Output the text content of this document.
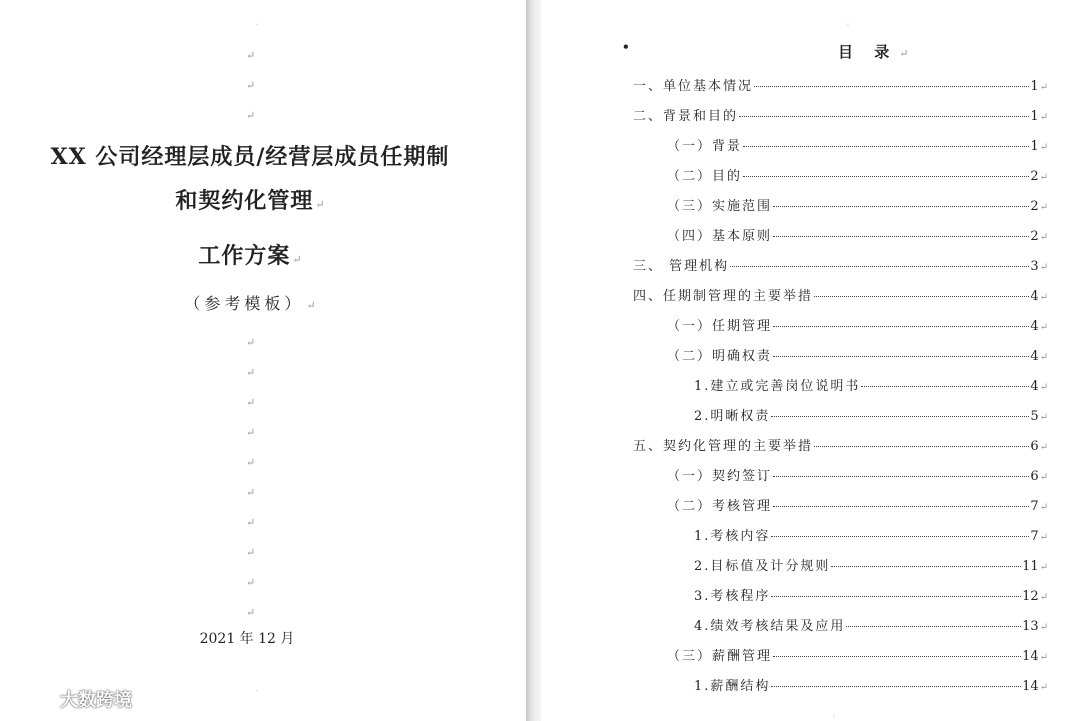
'
↵
↵
↵
XX 公司经理层成员/经营层成员任期制
和契约化管理 ↵
工作方案 ↵
（参考模板） ↵
↵
↵
↵
↵
↵
↵
↵
↵
↵
↵
2021 年 12 月
'
'
•	目 录 ↵
一、单位基本情况	1 ↵
二、背景和目的	1 ↵
（一）背景	1 ↵
（二）目的	2 ↵
（三）实施范围	2 ↵
（四）基本原则	2 ↵
三、 管理机构	3 ↵
四、任期制管理的主要举措	4 ↵
（一）任期管理	4 ↵
（二）明确权责	4 ↵
1.建立或完善岗位说明书	4 ↵
2.明晰权责	5 ↵
五、契约化管理的主要举措	6 ↵
（一）契约签订	6 ↵
（二）考核管理	7 ↵
1.考核内容	7 ↵
2.目标值及计分规则	11 ↵
3.考核程序	12 ↵
4.绩效考核结果及应用	13 ↵
（三）薪酬管理	14 ↵
1.薪酬结构	14 ↵
'
大数跨境
